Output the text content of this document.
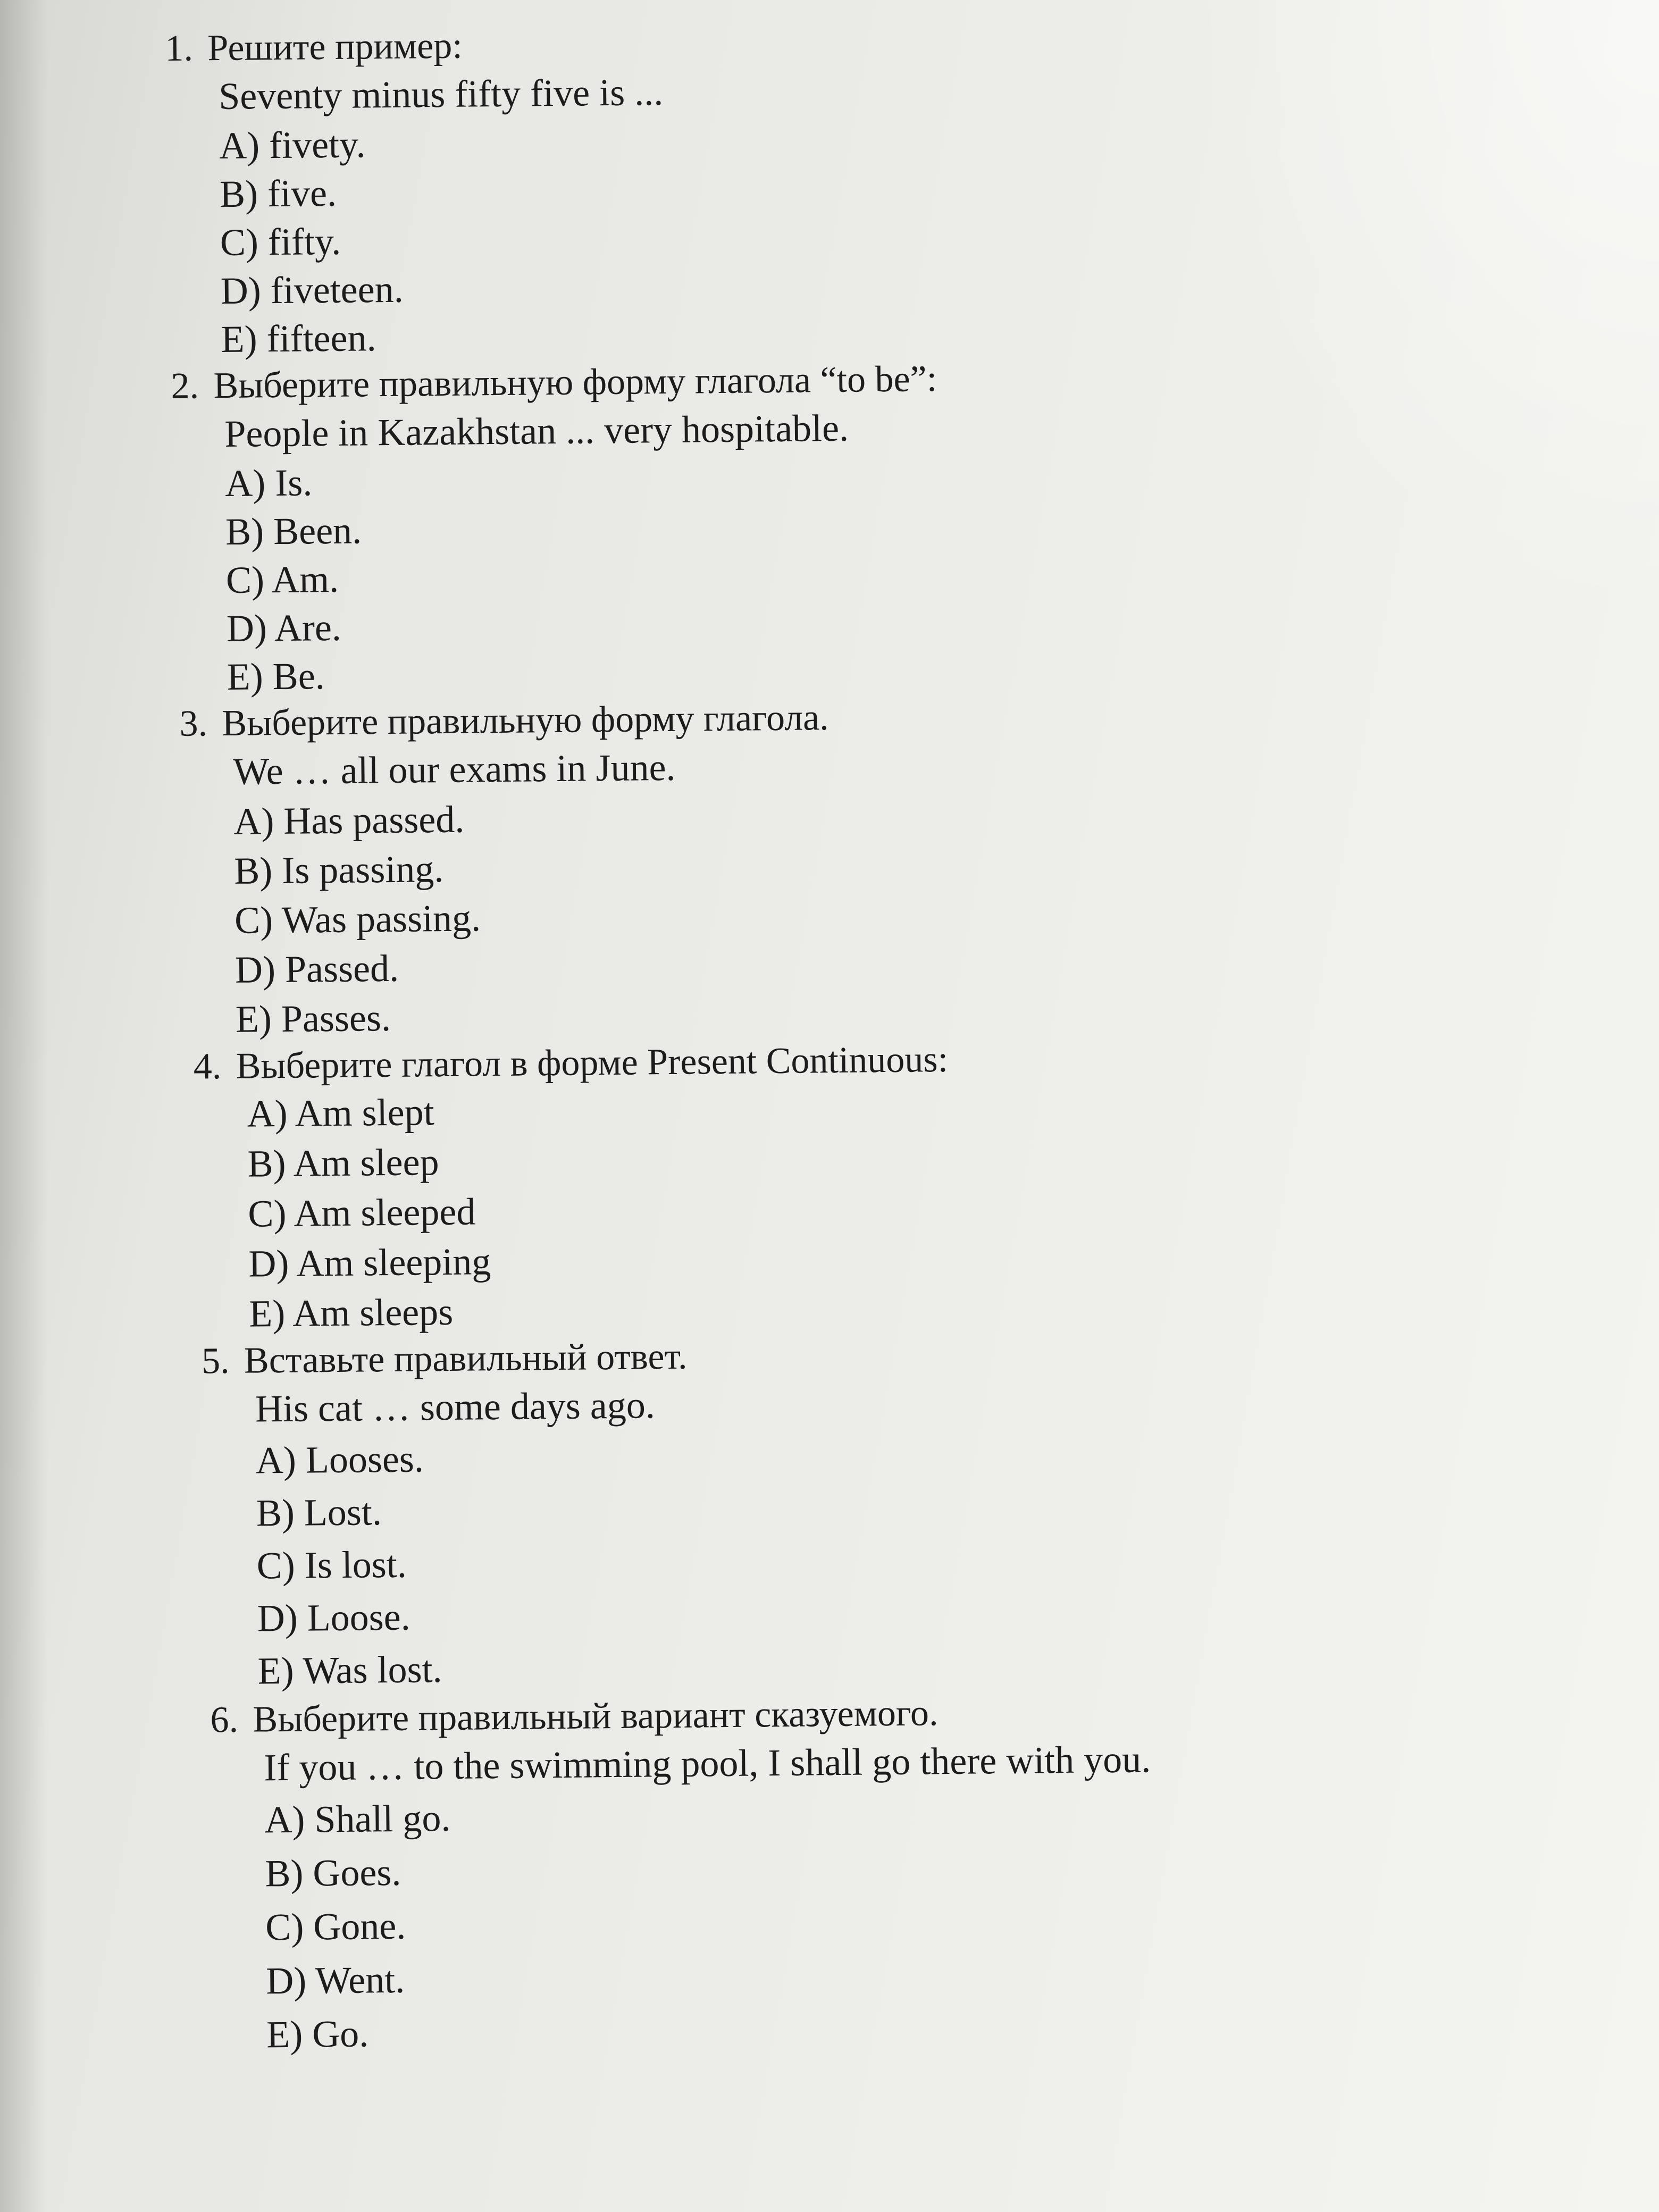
1. Решите пример:
Seventy minus fifty five is ...
A) fivety.
B) five.
C) fifty.
D) fiveteen.
E) fifteen.
2. Выберите правильную форму глагола “to be”:
People in Kazakhstan ... very hospitable.
A) Is.
B) Been.
C) Am.
D) Are.
E) Be.
3. Выберите правильную форму глагола.
We … all our exams in June.
A) Has passed.
B) Is passing.
C) Was passing.
D) Passed.
E) Passes.
4. Выберите глагол в форме Present Continuous:
A) Am slept
B) Am sleep
C) Am sleeped
D) Am sleeping
E) Am sleeps
5. Вставьте правильный ответ.
His cat … some days ago.
A) Looses.
B) Lost.
C) Is lost.
D) Loose.
E) Was lost.
6. Выберите правильный вариант сказуемого.
If you … to the swimming pool, I shall go there with you.
A) Shall go.
B) Goes.
C) Gone.
D) Went.
E) Go.
